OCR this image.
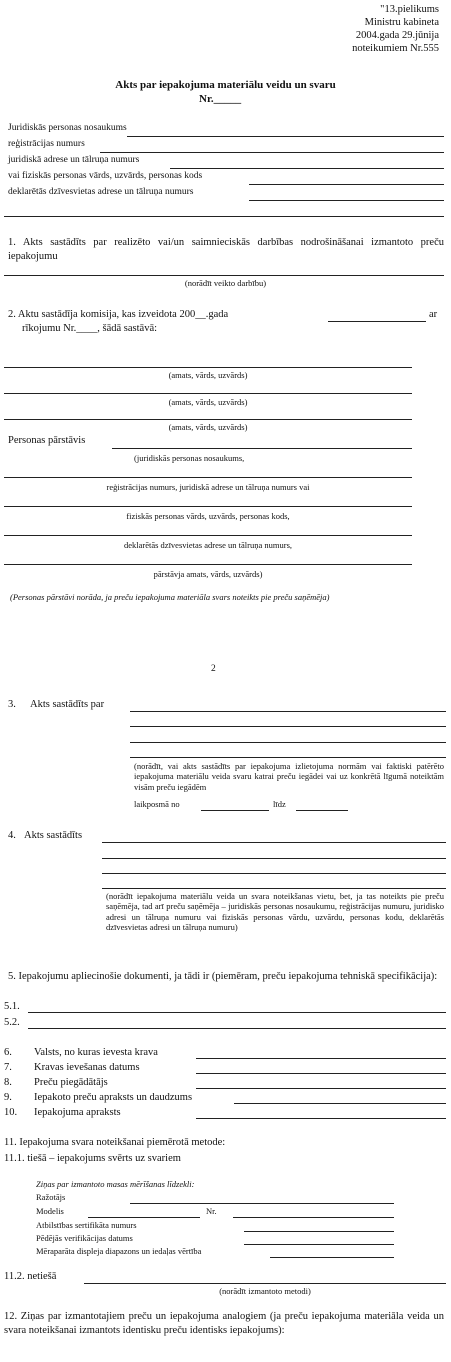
"13.pielikums
Ministru kabineta
2004.gada 29.jūnija
noteikumiem Nr.555
Akts par iepakojuma materiālu veidu un svaru
Nr._____
Juridiskās personas nosaukums
reģistrācijas numurs
juridiskā adrese un tālruņa numurs
vai fiziskās personas vārds, uzvārds, personas kods
deklarētās dzīvesvietas adrese un tālruņa numurs
1. Akts sastādīts par realizēto vai/un saimnieciskās darbības nodrošināšanai izmantoto preču iepakojumu
(norādīt veikto darbību)
2. Aktu sastādīja komisija, kas izveidota 200__.gada	ar
rīkojumu Nr.____, šādā sastāvā:
(amats, vārds, uzvārds)
(amats, vārds, uzvārds)
(amats, vārds, uzvārds)
Personas pārstāvis
(juridiskās personas nosaukums,
reģistrācijas numurs, juridiskā adrese un tālruņa numurs vai
fiziskās personas vārds, uzvārds, personas kods,
deklarētās dzīvesvietas adrese un tālruņa numurs,
pārstāvja amats, vārds, uzvārds)
(Personas pārstāvi norāda, ja preču iepakojuma materiāla svars noteikts pie preču saņēmēja)
2
3. Akts sastādīts par
(norādīt, vai akts sastādīts par iepakojuma izlietojuma normām vai faktiski patērēto iepakojuma materiālu veida svaru katrai preču iegādei vai uz konkrētā līgumā noteiktām visām preču iegādēm
laikposmā no	līdz
4. Akts sastādīts
(norādīt iepakojuma materiālu veida un svara noteikšanas vietu, bet, ja tas noteikts pie preču saņēmēja, tad arī preču saņēmēja – juridiskās personas nosaukumu, reģistrācijas numuru, juridisko adresi un tālruņa numuru vai fiziskās personas vārdu, uzvārdu, personas kodu, deklarētās dzīvesvietas adresi un tālruņa numuru)
5. Iepakojumu apliecinošie dokumenti, ja tādi ir (piemēram, preču iepakojuma tehniskā specifikācija):
5.1.
5.2.
6. Valsts, no kuras ievesta krava
7. Kravas ievešanas datums
8. Preču piegādātājs
9. Iepakoto preču apraksts un daudzums
10. Iepakojuma apraksts
11. Iepakojuma svara noteikšanai piemērotā metode:
11.1. tiešā – iepakojums svērts uz svariem
Ziņas par izmantoto masas mērīšanas līdzekli:
Ražotājs
Modelis	Nr.
Atbilstības sertifikāta numurs
Pēdējās verifikācijas datums
Mēraparāta displeja diapazons un iedaļas vērtība
11.2. netiešā
(norādīt izmantoto metodi)
12. Ziņas par izmantotajiem preču un iepakojuma analogiem (ja preču iepakojuma materiāla veida un svara noteikšanai izmantots identisku preču identisks iepakojums):
